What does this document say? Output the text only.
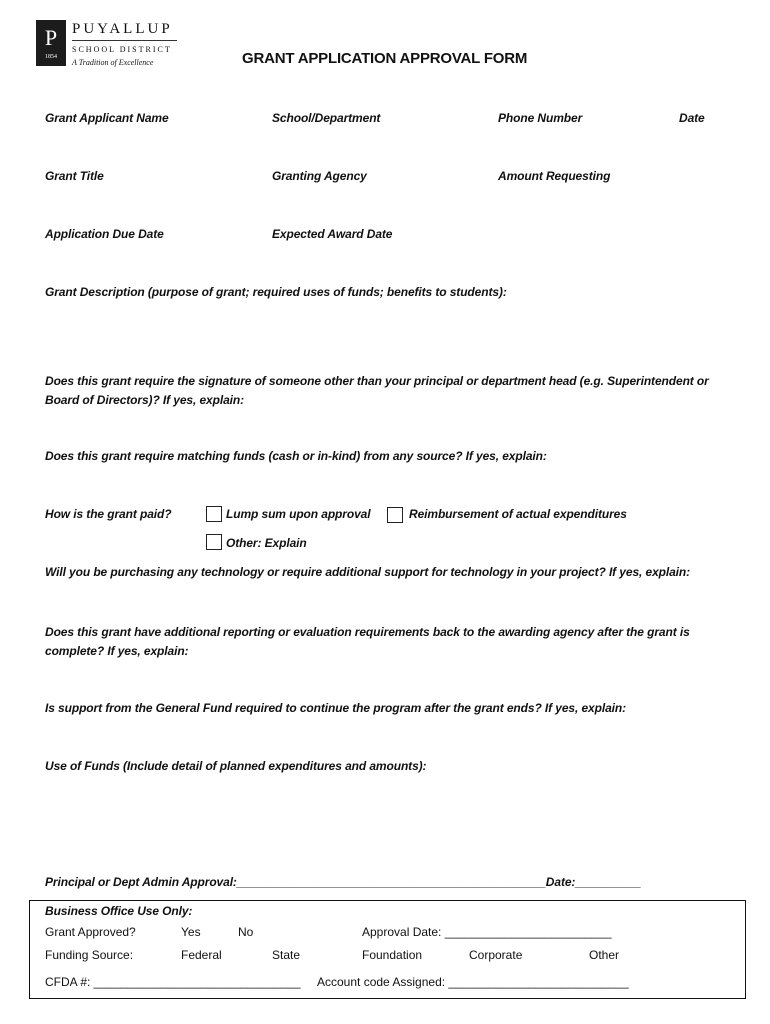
P
1854
PUYALLUP
SCHOOL DISTRICT
A Tradition of Excellence	GRANT APPLICATION APPROVAL FORM
Grant Applicant Name	School/Department	Phone Number	Date
Grant Title	Granting Agency	Amount Requesting
Application Due Date	Expected Award Date
Grant Description (purpose of grant; required uses of funds; benefits to students):
Does this grant require the signature of someone other than your principal or department head (e.g. Superintendent or Board of Directors)? If yes, explain:
Does this grant require matching funds (cash or in-kind) from any source? If yes, explain:
How is the grant paid?	Lump sum upon approval	Reimbursement of actual expenditures
Other: Explain
Will you be purchasing any technology or require additional support for technology in your project? If yes, explain:
Does this grant have additional reporting or evaluation requirements back to the awarding agency after the grant is complete? If yes, explain:
Is support from the General Fund required to continue the program after the grant ends? If yes, explain:
Use of Funds (Include detail of planned expenditures and amounts):
Principal or Dept Admin Approval:_______________________________________________Date:__________
Business Office Use Only:
Grant Approved?	Yes	No	Approval Date: _________________________
Funding Source:	Federal	State	Foundation	Corporate	Other
CFDA #: _______________________________ Account code Assigned: ___________________________
